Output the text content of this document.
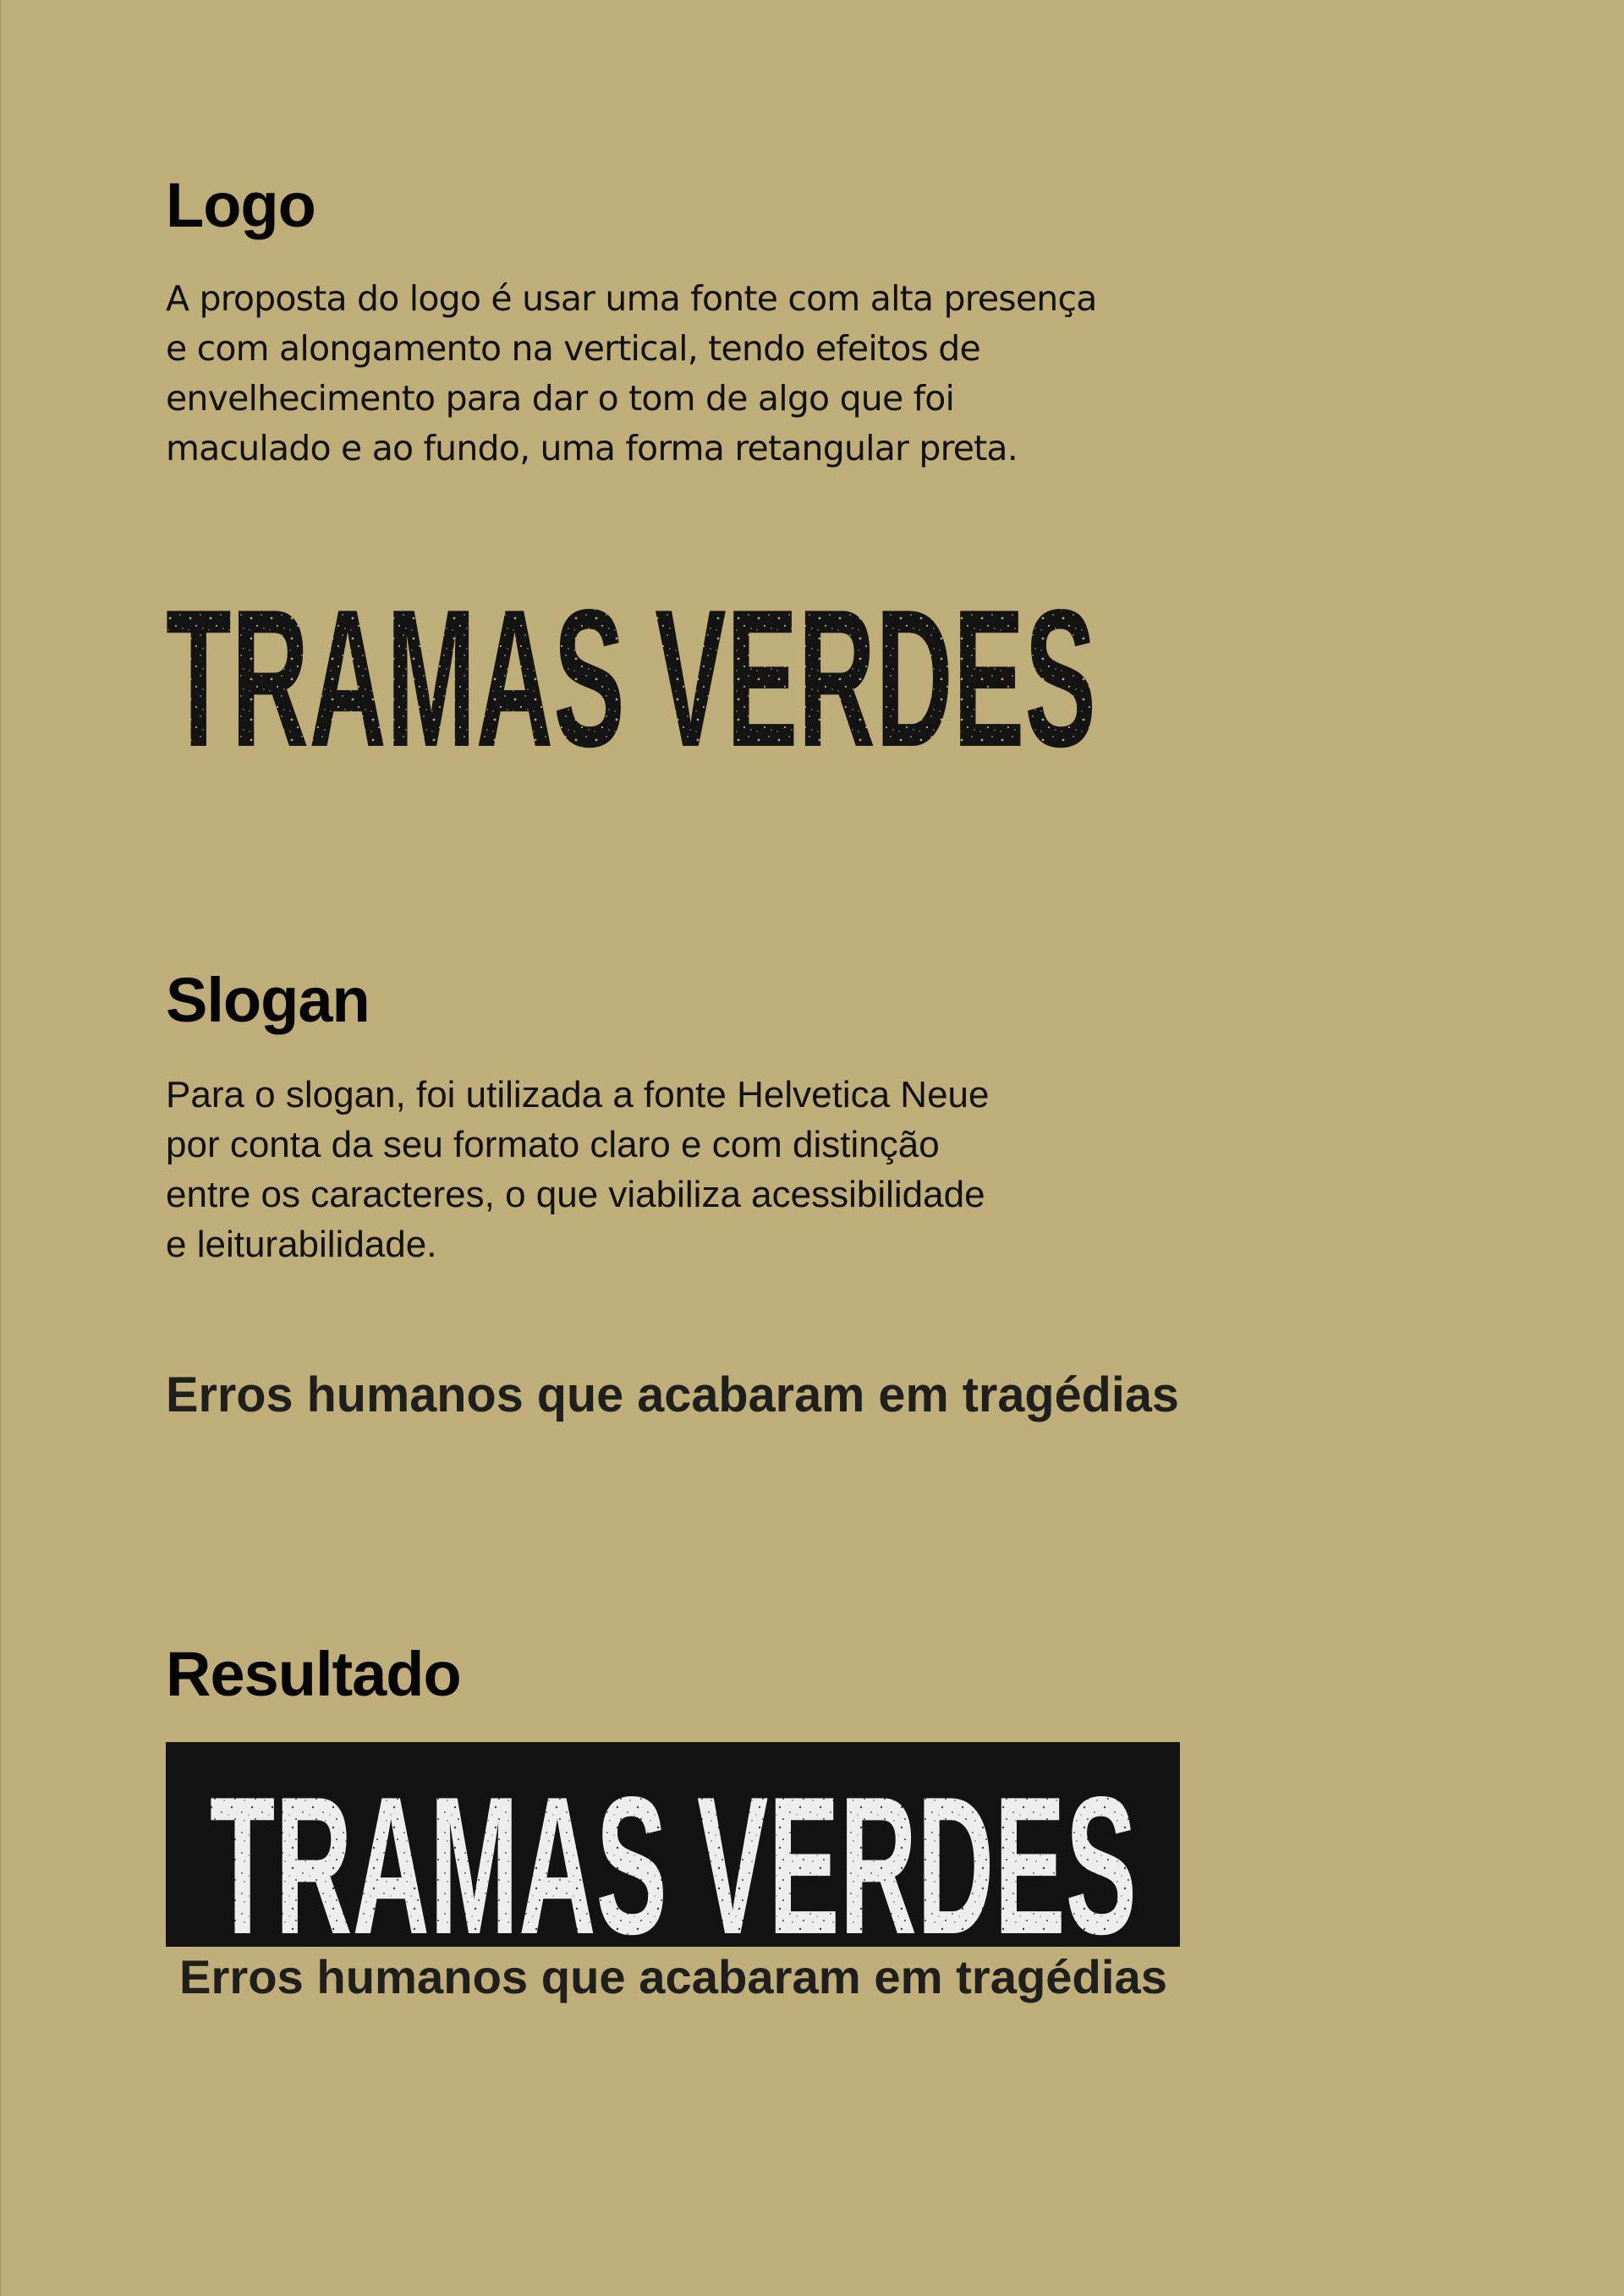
Logo
A proposta do logo é usar uma fonte com alta presença
e com alongamento na vertical, tendo efeitos de
envelhecimento para dar o tom de algo que foi
maculado e ao fundo, uma forma retangular preta.
TRAMAS VERDES
Slogan
Para o slogan, foi utilizada a fonte Helvetica Neue
por conta da seu formato claro e com distinção
entre os caracteres, o que viabiliza acessibilidade
e leiturabilidade.
Erros humanos que acabaram em tragédias
Resultado
TRAMAS VERDES
Erros humanos que acabaram em tragédias
